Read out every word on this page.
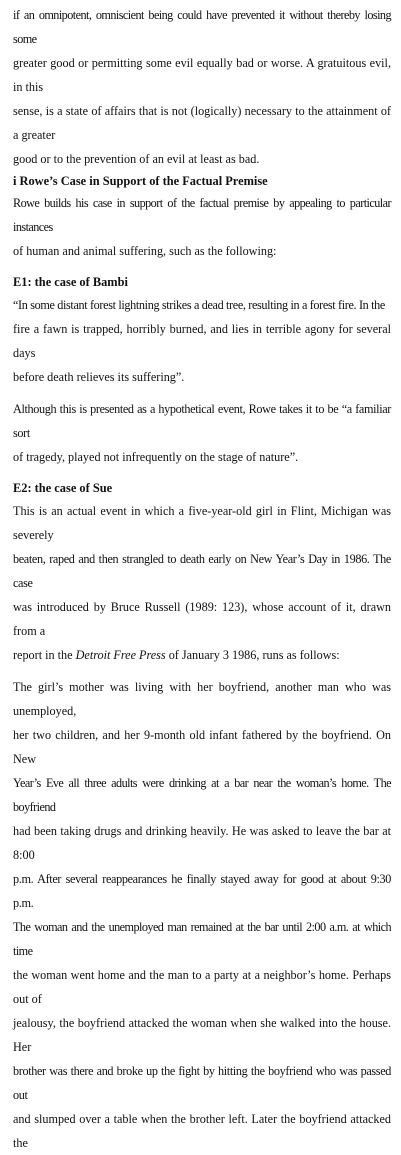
if an omnipotent, omniscient being could have prevented it without thereby losing some
greater good or permitting some evil equally bad or worse. A gratuitous evil, in this
sense, is a state of affairs that is not (logically) necessary to the attainment of a greater
good or to the prevention of an evil at least as bad.

i Rowe’s Case in Support of the Factual Premise

Rowe builds his case in support of the factual premise by appealing to particular instances
of human and animal suffering, such as the following:

E1: the case of Bambi

“In some distant forest lightning strikes a dead tree, resulting in a forest fire. In the
fire a fawn is trapped, horribly burned, and lies in terrible agony for several days
before death relieves its suffering”.

Although this is presented as a hypothetical event, Rowe takes it to be “a familiar sort
of tragedy, played not infrequently on the stage of nature”.

E2: the case of Sue

This is an actual event in which a five-year-old girl in Flint, Michigan was severely
beaten, raped and then strangled to death early on New Year’s Day in 1986. The case
was introduced by Bruce Russell (1989: 123), whose account of it, drawn from a
report in the Detroit Free Press of January 3 1986, runs as follows:

The girl’s mother was living with her boyfriend, another man who was unemployed,
her two children, and her 9-month old infant fathered by the boyfriend. On New
Year’s Eve all three adults were drinking at a bar near the woman’s home. The boyfriend
had been taking drugs and drinking heavily. He was asked to leave the bar at 8:00
p.m. After several reappearances he finally stayed away for good at about 9:30 p.m.
The woman and the unemployed man remained at the bar until 2:00 a.m. at which time
the woman went home and the man to a party at a neighbor’s home. Perhaps out of
jealousy, the boyfriend attacked the woman when she walked into the house. Her
brother was there and broke up the fight by hitting the boyfriend who was passed out
and slumped over a table when the brother left. Later the boyfriend attacked the
